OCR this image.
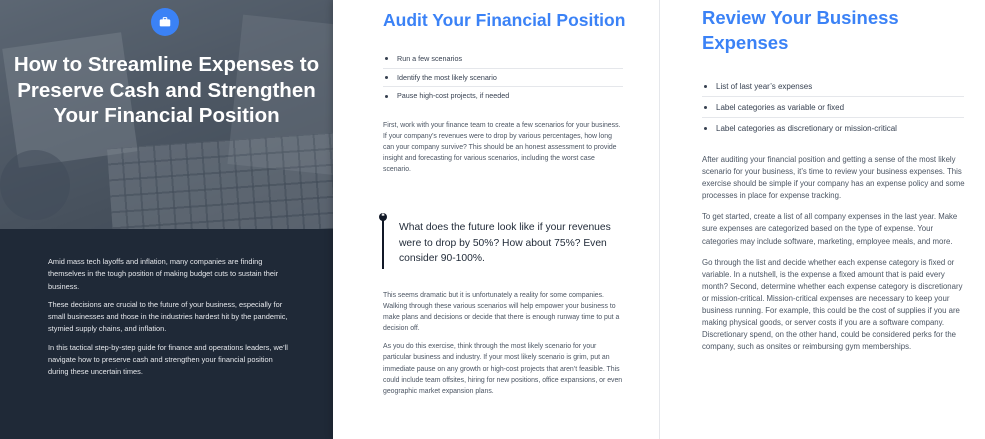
How to Streamline Expenses to Preserve Cash and Strengthen Your Financial Position

Amid mass tech layoffs and inflation, many companies are finding themselves in the tough position of making budget cuts to sustain their business.

These decisions are crucial to the future of your business, especially for small businesses and those in the industries hardest hit by the pandemic, stymied supply chains, and inflation.

In this tactical step-by-step guide for finance and operations leaders, we’ll navigate how to preserve cash and strengthen your financial position during these uncertain times.

Audit Your Financial Position
Run a few scenarios
Identify the most likely scenario
Pause high-cost projects, if needed

First, work with your finance team to create a few scenarios for your business. If your company’s revenues were to drop by various percentages, how long can your company survive? This should be an honest assessment to provide insight and forecasting for various scenarios, including the worst case scenario.

❝
What does the future look like if your revenues were to drop by 50%? How about 75%? Even consider 90-100%.

This seems dramatic but it is unfortunately a reality for some companies. Walking through these various scenarios will help empower your business to make plans and decisions or decide that there is enough runway time to put a decision off.

As you do this exercise, think through the most likely scenario for your particular business and industry. If your most likely scenario is grim, put an immediate pause on any growth or high-cost projects that aren’t feasible. This could include team offsites, hiring for new positions, office expansions, or even geographic market expansion plans.

Review Your Business Expenses
List of last year’s expenses
Label categories as variable or fixed
Label categories as discretionary or mission-critical

After auditing your financial position and getting a sense of the most likely scenario for your business, it’s time to review your business expenses. This exercise should be simple if your company has an expense policy and some processes in place for expense tracking.

To get started, create a list of all company expenses in the last year. Make sure expenses are categorized based on the type of expense. Your categories may include software, marketing, employee meals, and more.

Go through the list and decide whether each expense category is fixed or variable. In a nutshell, is the expense a fixed amount that is paid every month? Second, determine whether each expense category is discretionary or mission-critical. Mission-critical expenses are necessary to keep your business running. For example, this could be the cost of supplies if you are making physical goods, or server costs if you are a software company. Discretionary spend, on the other hand, could be considered perks for the company, such as onsites or reimbursing gym memberships.
